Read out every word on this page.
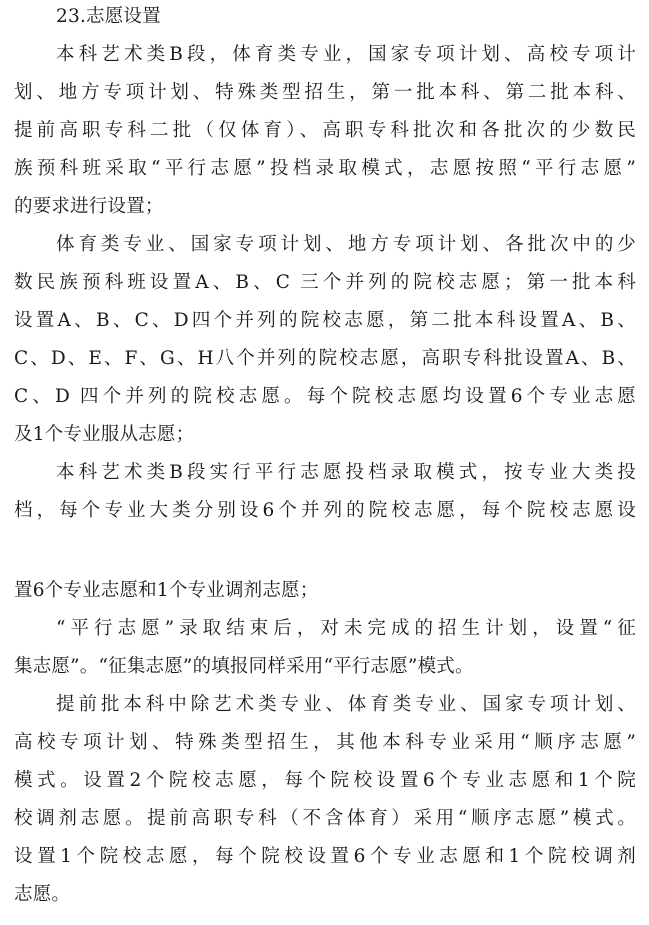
23.志愿设置
本科艺术类B段，体育类专业，国家专项计划、高校专项计
划、地方专项计划、特殊类型招生，第一批本科、第二批本科、
提前高职专科二批（仅体育）、高职专科批次和各批次的少数民
族预科班采取“平行志愿”投档录取模式，志愿按照“平行志愿”
的要求进行设置；
体育类专业、国家专项计划、地方专项计划、各批次中的少
数民族预科班设置A、B、C 三个并列的院校志愿；第一批本科
设置A、B、C、D四个并列的院校志愿，第二批本科设置A、B、
C、D、E、F、G、H八个并列的院校志愿，高职专科批设置A、B、
C、D 四个并列的院校志愿。每个院校志愿均设置6个专业志愿
及1个专业服从志愿；
本科艺术类B段实行平行志愿投档录取模式，按专业大类投
档，每个专业大类分别设6个并列的院校志愿，每个院校志愿设
置6个专业志愿和1个专业调剂志愿；
“平行志愿”录取结束后，对未完成的招生计划，设置“征
集志愿”。“征集志愿”的填报同样采用“平行志愿”模式。
提前批本科中除艺术类专业、体育类专业、国家专项计划、
高校专项计划、特殊类型招生，其他本科专业采用“顺序志愿”
模式。设置2个院校志愿，每个院校设置6个专业志愿和1个院
校调剂志愿。提前高职专科（不含体育）采用“顺序志愿”模式。
设置1个院校志愿，每个院校设置6个专业志愿和1个院校调剂
志愿。
